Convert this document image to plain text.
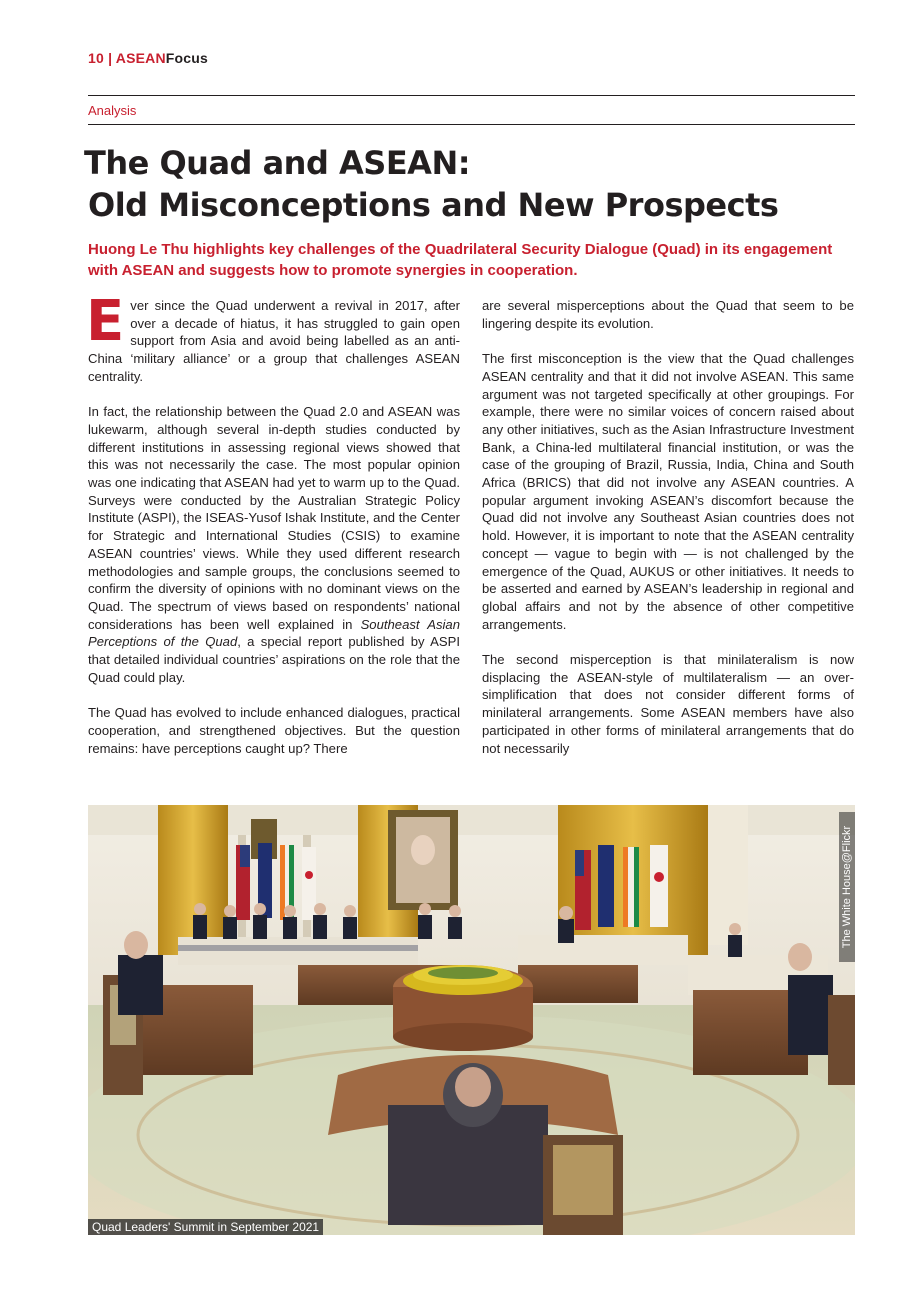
10 | ASEANFocus
Analysis
The Quad and ASEAN:
Old Misconceptions and New Prospects

Huong Le Thu highlights key challenges of the Quadrilateral Security Dialogue (Quad) in its engagement with ASEAN and suggests how to promote synergies in cooperation.

Ever since the Quad underwent a revival in 2017, after over a decade of hiatus, it has struggled to gain open support from Asia and avoid being labelled as an anti-China ‘military alliance’ or a group that challenges ASEAN centrality.

In fact, the relationship between the Quad 2.0 and ASEAN was lukewarm, although several in-depth studies conducted by different institutions in assessing regional views showed that this was not necessarily the case. The most popular opinion was one indicating that ASEAN had yet to warm up to the Quad. Surveys were conducted by the Australian Strategic Policy Institute (ASPI), the ISEAS-Yusof Ishak Institute, and the Center for Strategic and International Studies (CSIS) to examine ASEAN countries’ views. While they used different research methodologies and sample groups, the conclusions seemed to confirm the diversity of opinions with no dominant views on the Quad. The spectrum of views based on respondents’ national considerations has been well explained in Southeast Asian Perceptions of the Quad, a special report published by ASPI that detailed individual countries’ aspirations on the role that the Quad could play.

The Quad has evolved to include enhanced dialogues, practical cooperation, and strengthened objectives. But the question remains: have perceptions caught up? There

are several misperceptions about the Quad that seem to be lingering despite its evolution.

The first misconception is the view that the Quad challenges ASEAN centrality and that it did not involve ASEAN. This same argument was not targeted specifically at other groupings. For example, there were no similar voices of concern raised about any other initiatives, such as the Asian Infrastructure Investment Bank, a China-led multilateral financial institution, or was the case of the grouping of Brazil, Russia, India, China and South Africa (BRICS) that did not involve any ASEAN countries. A popular argument invoking ASEAN’s discomfort because the Quad did not involve any Southeast Asian countries does not hold. However, it is important to note that the ASEAN centrality concept — vague to begin with — is not challenged by the emergence of the Quad, AUKUS or other initiatives. It needs to be asserted and earned by ASEAN’s leadership in regional and global affairs and not by the absence of other competitive arrangements.

The second misperception is that minilateralism is now displacing the ASEAN-style of multilateralism — an over-simplification that does not consider different forms of minilateral arrangements. Some ASEAN members have also participated in other forms of minilateral arrangements that do not necessarily

Quad Leaders' Summit in September 2021
The White House@Flickr
